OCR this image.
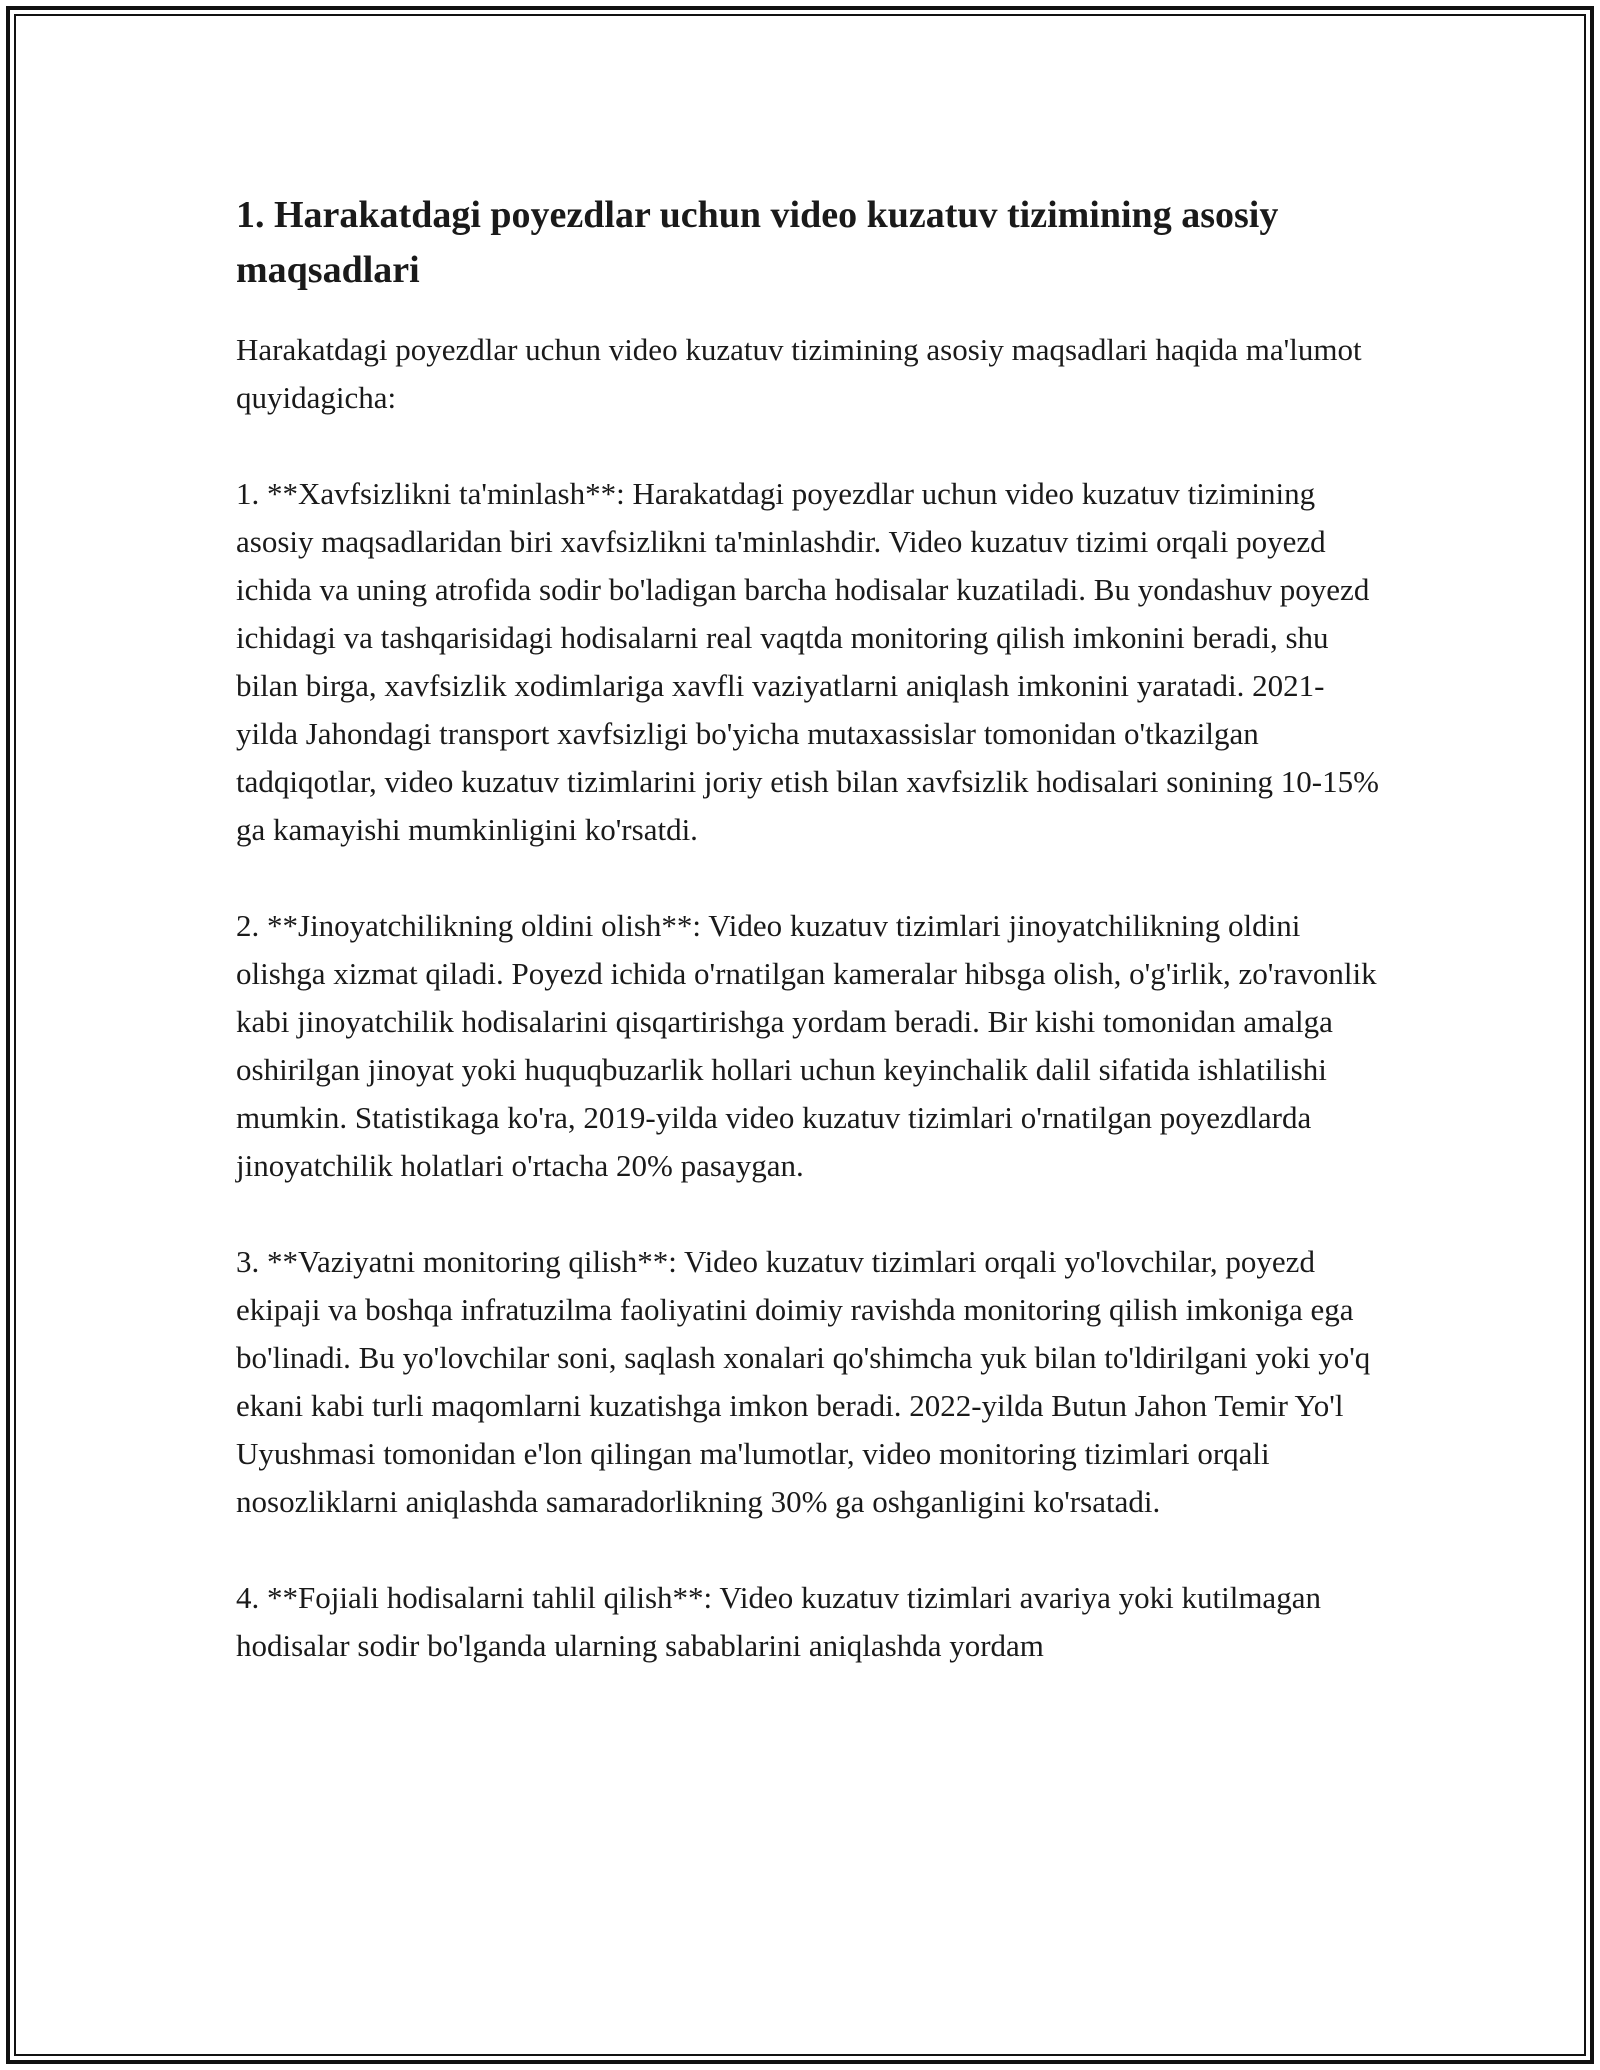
1. Harakatdagi poyezdlar uchun video kuzatuv tizimining asosiy maqsadlari

Harakatdagi poyezdlar uchun video kuzatuv tizimining asosiy maqsadlari haqida ma'lumot quyidagicha:

1. **Xavfsizlikni ta'minlash**: Harakatdagi poyezdlar uchun video kuzatuv tizimining asosiy maqsadlaridan biri xavfsizlikni ta'minlashdir. Video kuzatuv tizimi orqali poyezd ichida va uning atrofida sodir bo'ladigan barcha hodisalar kuzatiladi. Bu yondashuv poyezd ichidagi va tashqarisidagi hodisalarni real vaqtda monitoring qilish imkonini beradi, shu bilan birga, xavfsizlik xodimlariga xavfli vaziyatlarni aniqlash imkonini yaratadi. 2021-yilda Jahondagi transport xavfsizligi bo'yicha mutaxassislar tomonidan o'tkazilgan tadqiqotlar, video kuzatuv tizimlarini joriy etish bilan xavfsizlik hodisalari sonining 10-15% ga kamayishi mumkinligini ko'rsatdi.

2. **Jinoyatchilikning oldini olish**: Video kuzatuv tizimlari jinoyatchilikning oldini olishga xizmat qiladi. Poyezd ichida o'rnatilgan kameralar hibsga olish, o'g'irlik, zo'ravonlik kabi jinoyatchilik hodisalarini qisqartirishga yordam beradi. Bir kishi tomonidan amalga oshirilgan jinoyat yoki huquqbuzarlik hollari uchun keyinchalik dalil sifatida ishlatilishi mumkin. Statistikaga ko'ra, 2019-yilda video kuzatuv tizimlari o'rnatilgan poyezdlarda jinoyatchilik holatlari o'rtacha 20% pasaygan.

3. **Vaziyatni monitoring qilish**: Video kuzatuv tizimlari orqali yo'lovchilar, poyezd ekipaji va boshqa infratuzilma faoliyatini doimiy ravishda monitoring qilish imkoniga ega bo'linadi. Bu yo'lovchilar soni, saqlash xonalari qo'shimcha yuk bilan to'ldirilgani yoki yo'q ekani kabi turli maqomlarni kuzatishga imkon beradi. 2022-yilda Butun Jahon Temir Yo'l Uyushmasi tomonidan e'lon qilingan ma'lumotlar, video monitoring tizimlari orqali nosozliklarni aniqlashda samaradorlikning 30% ga oshganligini ko'rsatadi.

4. **Fojiali hodisalarni tahlil qilish**: Video kuzatuv tizimlari avariya yoki kutilmagan hodisalar sodir bo'lganda ularning sabablarini aniqlashda yordam
